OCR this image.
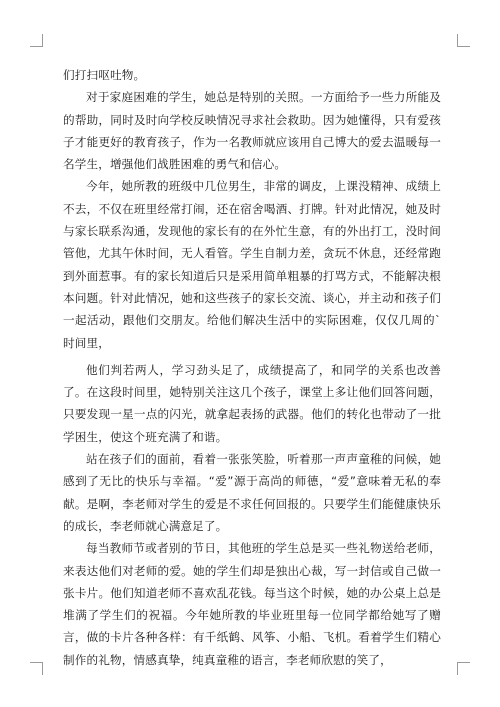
们打扫呕吐物。

对于家庭困难的学生，她总是特别的关照。一方面给予一些力所能及的帮助，同时及时向学校反映情况寻求社会救助。因为她懂得，只有爱孩子才能更好的教育孩子，作为一名教师就应该用自己博大的爱去温暖每一名学生，增强他们战胜困难的勇气和信心。

今年，她所教的班级中几位男生，非常的调皮，上课没精神、成绩上不去，不仅在班里经常打闹，还在宿舍喝酒、打牌。针对此情况，她及时与家长联系沟通，发现他的家长有的在外忙生意，有的外出打工，没时间管他，尤其午休时间，无人看管。学生自制力差，贪玩不休息，还经常跑到外面惹事。有的家长知道后只是采用简单粗暴的打骂方式，不能解决根本问题。针对此情况，她和这些孩子的家长交流、谈心，并主动和孩子们一起活动，跟他们交朋友。给他们解决生活中的实际困难，仅仅几周的`时间里，

他们判若两人，学习劲头足了，成绩提高了，和同学的关系也改善了。在这段时间里，她特别关注这几个孩子，课堂上多让他们回答问题，只要发现一星一点的闪光，就拿起表扬的武器。他们的转化也带动了一批学困生，使这个班充满了和谐。

站在孩子们的面前，看着一张张笑脸，听着那一声声童稚的问候，她感到了无比的快乐与幸福。“爱”源于高尚的师德，“爱”意味着无私的奉献。是啊，李老师对学生的爱是不求任何回报的。只要学生们能健康快乐的成长，李老师就心满意足了。

每当教师节或者别的节日，其他班的学生总是买一些礼物送给老师，来表达他们对老师的爱。她的学生们却是独出心裁，写一封信或自己做一张卡片。他们知道老师不喜欢乱花钱。每当这个时候，她的办公桌上总是堆满了学生们的祝福。今年她所教的毕业班里每一位同学都给她写了赠言，做的卡片各种各样：有千纸鹤、风筝、小船、飞机。看着学生们精心制作的礼物，情感真挚，纯真童稚的语言，李老师欣慰的笑了，
